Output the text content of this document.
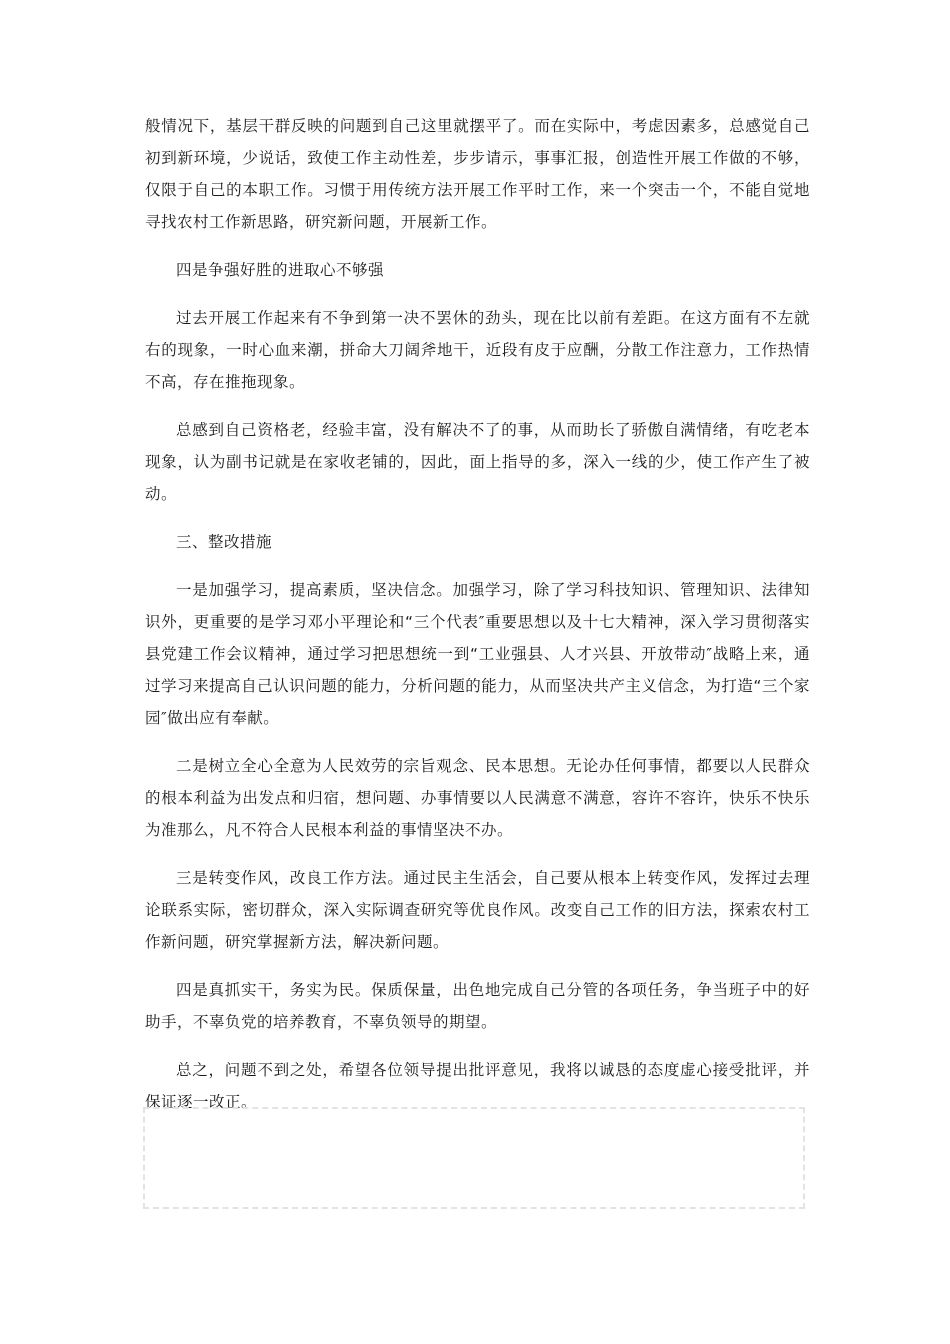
般情况下，基层干群反映的问题到自己这里就摆平了。而在实际中，考虑因素多，总感觉自己初到新环境，少说话，致使工作主动性差，步步请示，事事汇报，创造性开展工作做的不够，仅限于自己的本职工作。习惯于用传统方法开展工作平时工作，来一个突击一个，不能自觉地寻找农村工作新思路，研究新问题，开展新工作。

四是争强好胜的进取心不够强

过去开展工作起来有不争到第一决不罢休的劲头，现在比以前有差距。在这方面有不左就右的现象，一时心血来潮，拼命大刀阔斧地干，近段有皮于应酬，分散工作注意力，工作热情不高，存在推拖现象。

总感到自己资格老，经验丰富，没有解决不了的事，从而助长了骄傲自满情绪，有吃老本现象，认为副书记就是在家收老铺的，因此，面上指导的多，深入一线的少，使工作产生了被动。

三、整改措施

一是加强学习，提高素质，坚决信念。加强学习，除了学习科技知识、管理知识、法律知识外，更重要的是学习邓小平理论和“三个代表″重要思想以及十七大精神，深入学习贯彻落实县党建工作会议精神，通过学习把思想统一到“工业强县、人才兴县、开放带动″战略上来，通过学习来提高自己认识问题的能力，分析问题的能力，从而坚决共产主义信念，为打造“三个家园″做出应有奉献。

二是树立全心全意为人民效劳的宗旨观念、民本思想。无论办任何事情，都要以人民群众的根本利益为出发点和归宿，想问题、办事情要以人民满意不满意，容许不容许，快乐不快乐为准那么，凡不符合人民根本利益的事情坚决不办。

三是转变作风，改良工作方法。通过民主生活会，自己要从根本上转变作风，发挥过去理论联系实际，密切群众，深入实际调查研究等优良作风。改变自己工作的旧方法，探索农村工作新问题，研究掌握新方法，解决新问题。

四是真抓实干，务实为民。保质保量，出色地完成自己分管的各项任务，争当班子中的好助手，不辜负党的培养教育，不辜负领导的期望。

总之，问题不到之处，希望各位领导提出批评意见，我将以诚恳的态度虚心接受批评，并保证逐一改正。
